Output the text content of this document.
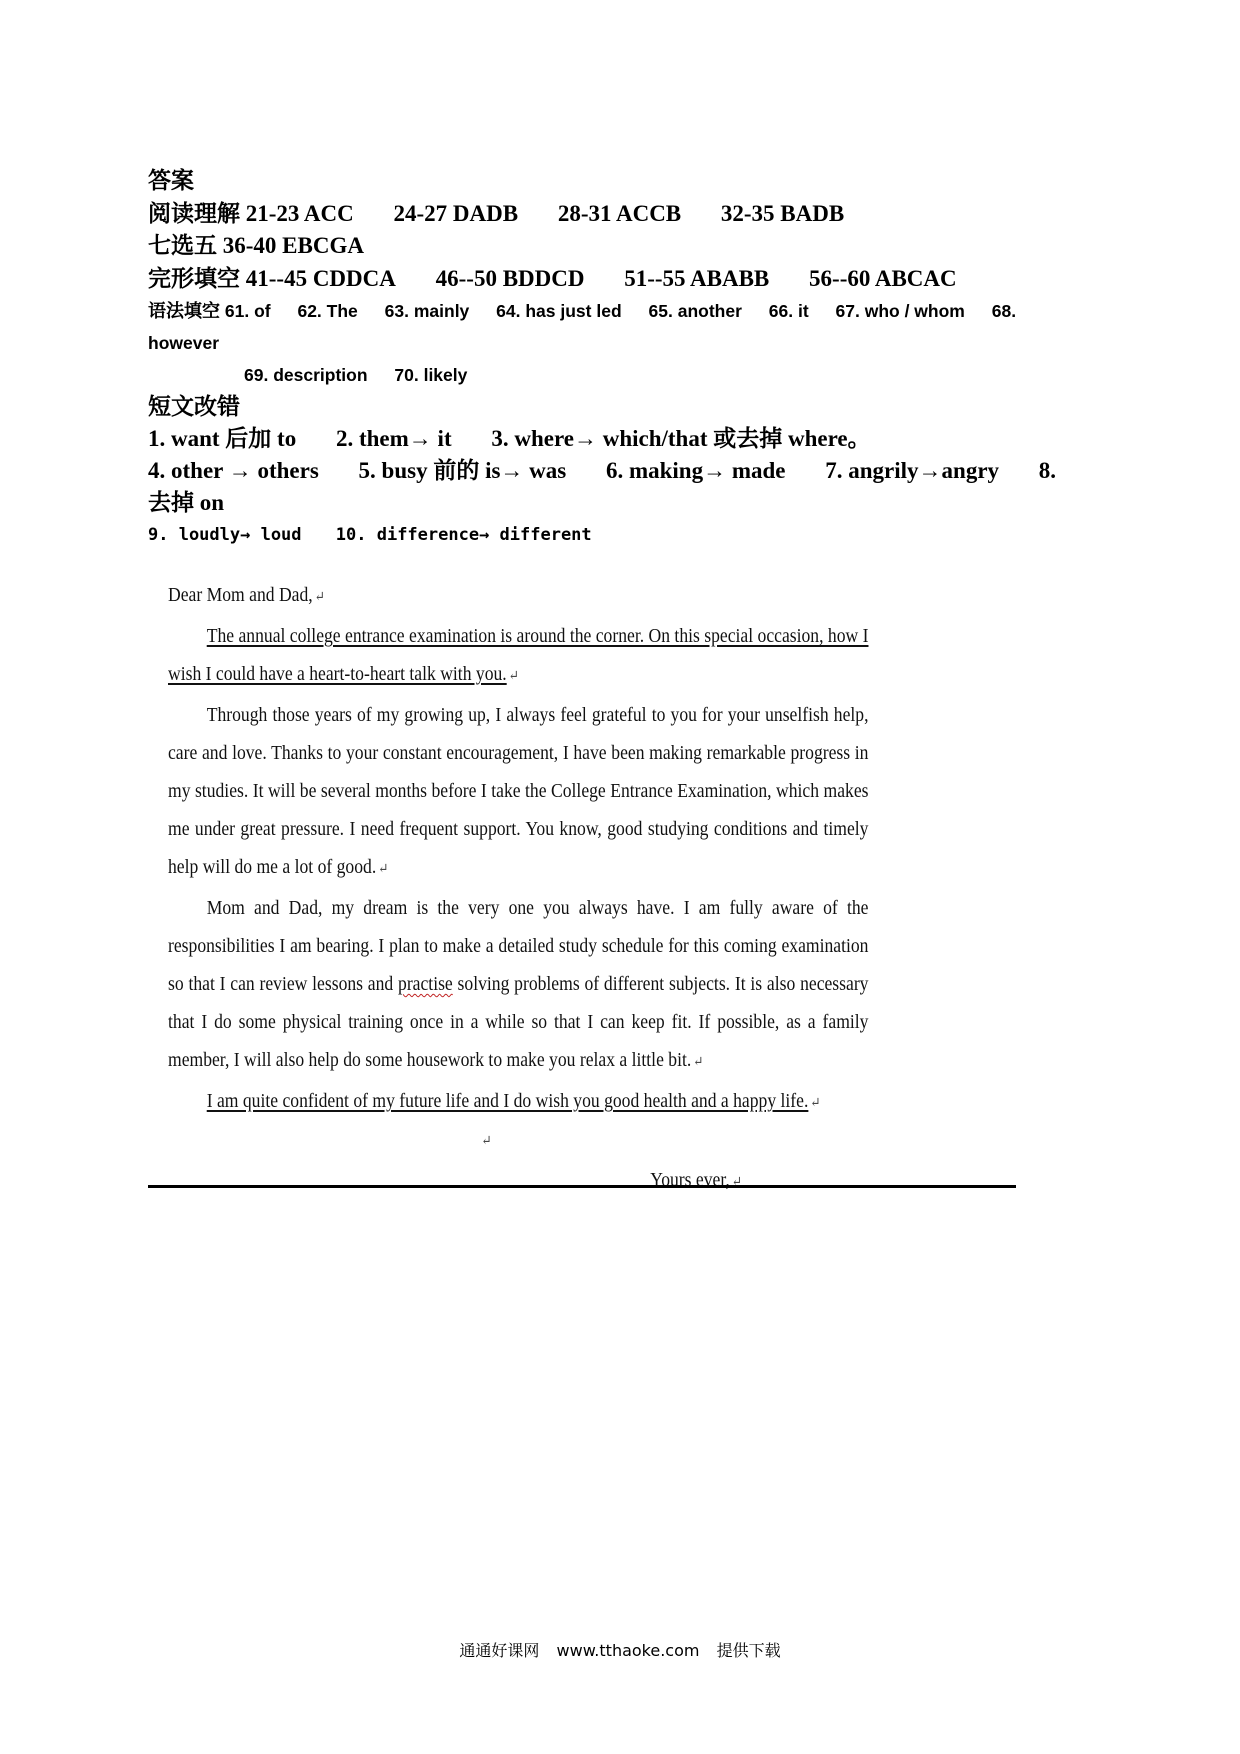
答案
阅读理解 21-23 ACC 24-27 DADB 28-31 ACCB 32-35 BADB
七选五 36-40 EBCGA
完形填空 41--45 CDDCA 46--50 BDDCD 51--55 ABABB 56--60 ABCAC
语法填空 61. of 62. The 63. mainly 64. has just led 65. another 66. it 67. who / whom 68.
however
69. description 70. likely
短文改错
1. want 后加 to 2. them→ it 3. where→ which/that 或去掉 where。
4. other → others 5. busy 前的 is→ was 6. making→ made 7. angrily→angry 8.
去掉 on
9. loudly→ loud 10. difference→ different

Dear Mom and Dad, ↵

The annual college entrance examination is around the corner. On this special occasion, how I wish I could have a heart-to-heart talk with you. ↵

Through those years of my growing up, I always feel grateful to you for your unselfish help, care and love. Thanks to your constant encouragement, I have been making remarkable progress in my studies. It will be several months before I take the College Entrance Examination, which makes me under great pressure. I need frequent support. You know, good studying conditions and timely help will do me a lot of good. ↵

Mom and Dad, my dream is the very one you always have. I am fully aware of the responsibilities I am bearing. I plan to make a detailed study schedule for this coming examination so that I can review lessons and practise solving problems of different subjects. It is also necessary that I do some physical training once in a while so that I can keep fit. If possible, as a family member, I will also help do some housework to make you relax a little bit. ↵

I am quite confident of my future life and I do wish you good health and a happy life. ↵

↵
Yours ever, ↵
通通好课网 www.tthaoke.com 提供下载
